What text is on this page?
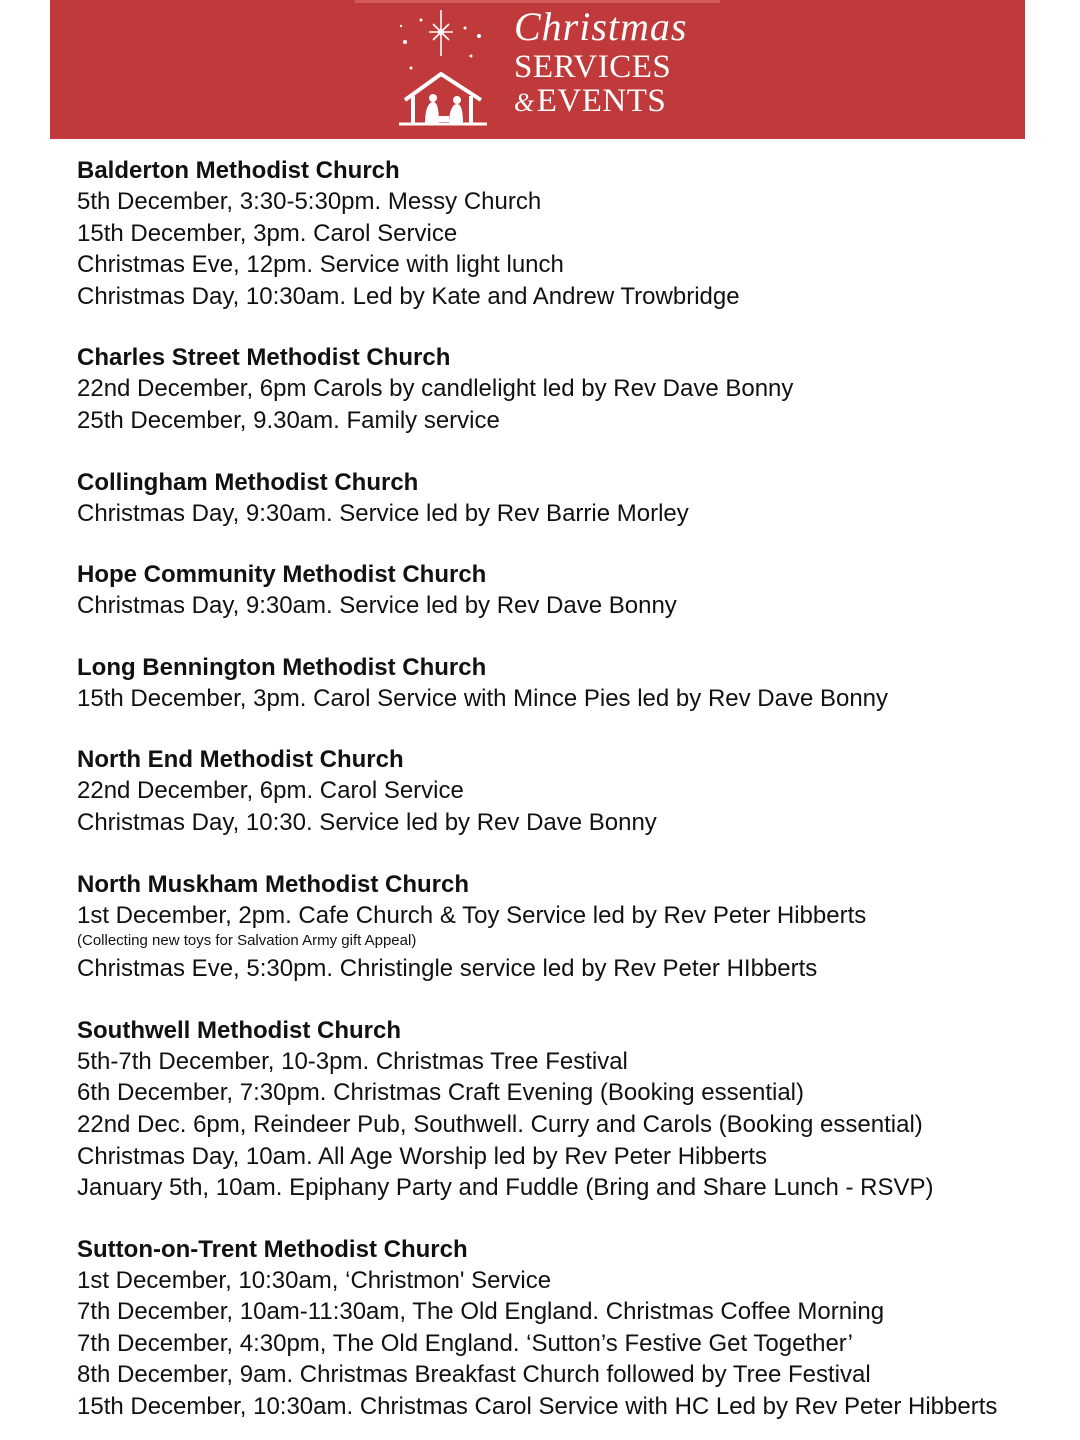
Christmas
SERVICES
&EVENTS

Balderton Methodist Church

5th December, 3:30-5:30pm. Messy Church

15th December, 3pm. Carol Service

Christmas Eve, 12pm. Service with light lunch

Christmas Day, 10:30am. Led by Kate and Andrew Trowbridge

Charles Street Methodist Church

22nd December, 6pm Carols by candlelight led by Rev Dave Bonny

25th December, 9.30am. Family service

Collingham Methodist Church

Christmas Day, 9:30am. Service led by Rev Barrie Morley

Hope Community Methodist Church

Christmas Day, 9:30am. Service led by Rev Dave Bonny

Long Bennington Methodist Church

15th December, 3pm. Carol Service with Mince Pies led by Rev Dave Bonny

North End Methodist Church

22nd December, 6pm. Carol Service

Christmas Day, 10:30. Service led by Rev Dave Bonny

North Muskham Methodist Church

1st December, 2pm. Cafe Church & Toy Service led by Rev Peter Hibberts

(Collecting new toys for Salvation Army gift Appeal)

Christmas Eve, 5:30pm. Christingle service led by Rev Peter HIbberts

Southwell Methodist Church

5th-7th December, 10-3pm. Christmas Tree Festival

6th December, 7:30pm. Christmas Craft Evening (Booking essential)

22nd Dec. 6pm, Reindeer Pub, Southwell. Curry and Carols (Booking essential)

Christmas Day, 10am. All Age Worship led by Rev Peter Hibberts

January 5th, 10am. Epiphany Party and Fuddle (Bring and Share Lunch - RSVP)

Sutton-on-Trent Methodist Church

1st December, 10:30am, ‘Christmon' Service

7th December, 10am-11:30am, The Old England. Christmas Coffee Morning

7th December, 4:30pm, The Old England. ‘Sutton’s Festive Get Together’

8th December, 9am. Christmas Breakfast Church followed by Tree Festival

15th December, 10:30am. Christmas Carol Service with HC Led by Rev Peter Hibberts
